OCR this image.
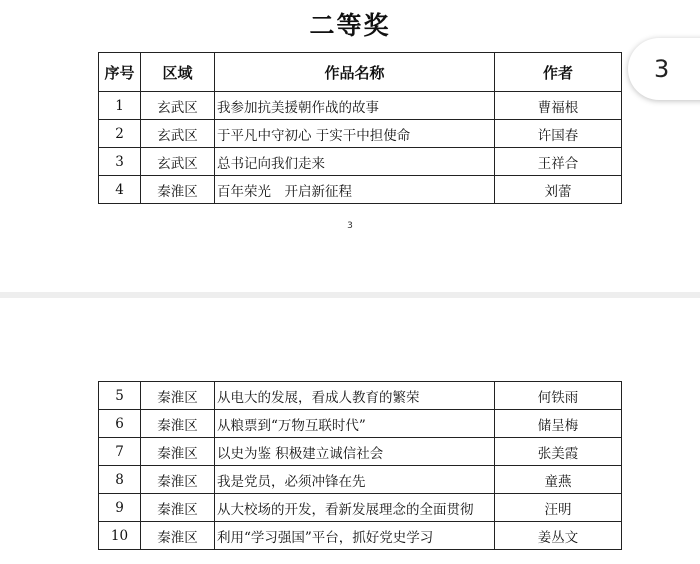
二等奖
序号	区域	作品名称	作者
1	玄武区	我参加抗美援朝作战的故事	曹福根
2	玄武区	于平凡中守初心 于实干中担使命	许国春
3	玄武区	总书记向我们走来	王祥合
4	秦淮区	百年荣光　开启新征程	刘蕾
3
5	秦淮区	从电大的发展，看成人教育的繁荣	何铁雨
6	秦淮区	从粮票到“万物互联时代”	储呈梅
7	秦淮区	以史为鉴 积极建立诚信社会	张美霞
8	秦淮区	我是党员，必须冲锋在先	童燕
9	秦淮区	从大校场的开发，看新发展理念的全面贯彻	汪明
10	秦淮区	利用“学习强国”平台，抓好党史学习	姜丛文
3
